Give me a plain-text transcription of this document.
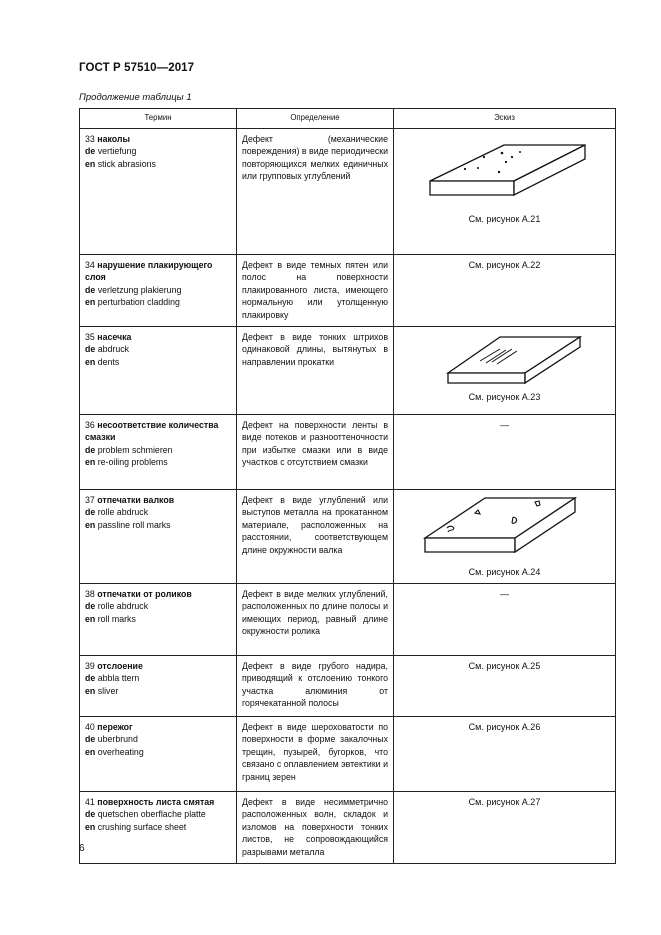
ГОСТ Р 57510—2017
Продолжение таблицы 1
Термин	Определение	Эскиз

33 наколы
de vertiefung
en stick abrasions	Дефект (механические повреждения) в виде периодически повторяющихся мелких единичных или групповых углублений	См. рисунок А.21

34 нарушение плакирующего слоя
de verletzung plakierung
en perturbation cladding	Дефект в виде темных пятен или полос на поверхности плакированного листа, имеющего нормальную или утолщенную плакировку	См. рисунок А.22

35 насечка
de abdruck
en dents	Дефект в виде тонких штрихов одинаковой длины, вытянутых в направлении прокатки	См. рисунок А.23

36 несоответствие количества смазки
de problem schmieren
en re-oiling problems	Дефект на поверхности ленты в виде потеков и разнооттеночности при избытке смазки или в виде участков с отсутствием смазки	—

37 отпечатки валков
de rolle abdruck
en passline roll marks	Дефект в виде углублений или выступов металла на прокатанном материале, расположенных на расстоянии, соответствующем длине окружности валка	См. рисунок А.24

38 отпечатки от роликов
de rolle abdruck
en roll marks	Дефект в виде мелких углублений, расположенных по длине полосы и имеющих период, равный длине окружности ролика	—

39 отслоение
de abbla ttern
en sliver	Дефект в виде грубого надира, приводящий к отслоению тонкого участка алюминия от горячекатанной полосы	См. рисунок А.25

40 пережог
de uberbrund
en overheating	Дефект в виде шероховатости по поверхности в форме закалочных трещин, пузырей, бугорков, что связано с оплавлением эвтектики и границ зерен	См. рисунок А.26

41 поверхность листа смятая
de quetschen oberflache platte
en crushing surface sheet	Дефект в виде несимметрично расположенных волн, складок и изломов на поверхности тонких листов, не сопровождающийся разрывами металла	См. рисунок А.27
6
